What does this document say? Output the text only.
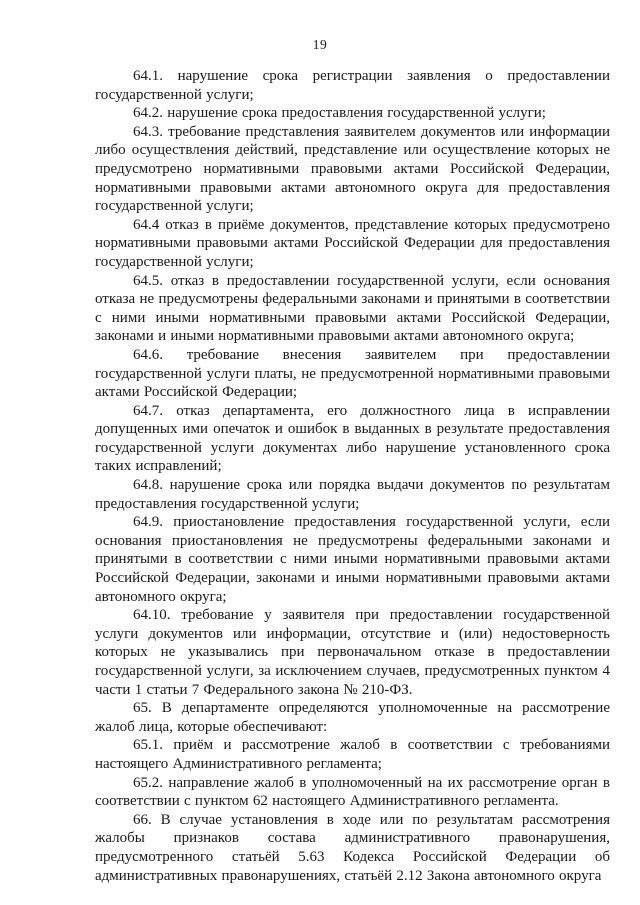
19

64.1. нарушение срока регистрации заявления о предоставлении государственной услуги;

64.2. нарушение срока предоставления государственной услуги;

64.3. требование представления заявителем документов или информации либо осуществления действий, представление или осуществление которых не предусмотрено нормативными правовыми актами Российской Федерации, нормативными правовыми актами автономного округа для предоставления государственной услуги;

64.4 отказ в приёме документов, представление которых предусмотрено нормативными правовыми актами Российской Федерации для предоставления государственной услуги;

64.5. отказ в предоставлении государственной услуги, если основания отказа не предусмотрены федеральными законами и принятыми в соответствии с ними иными нормативными правовыми актами Российской Федерации, законами и иными нормативными правовыми актами автономного округа;

64.6. требование внесения заявителем при предоставлении государственной услуги платы, не предусмотренной нормативными правовыми актами Российской Федерации;

64.7. отказ департамента, его должностного лица в исправлении допущенных ими опечаток и ошибок в выданных в результате предоставления государственной услуги документах либо нарушение установленного срока таких исправлений;

64.8. нарушение срока или порядка выдачи документов по результатам предоставления государственной услуги;

64.9. приостановление предоставления государственной услуги, если основания приостановления не предусмотрены федеральными законами и принятыми в соответствии с ними иными нормативными правовыми актами Российской Федерации, законами и иными нормативными правовыми актами автономного округа;

64.10. требование у заявителя при предоставлении государственной услуги документов или информации, отсутствие и (или) недостоверность которых не указывались при первоначальном отказе в предоставлении государственной услуги, за исключением случаев, предусмотренных пунктом 4 части 1 статьи 7 Федерального закона № 210-ФЗ.

65. В департаменте определяются уполномоченные на рассмотрение жалоб лица, которые обеспечивают:

65.1. приём и рассмотрение жалоб в соответствии с требованиями настоящего Административного регламента;

65.2. направление жалоб в уполномоченный на их рассмотрение орган в соответствии с пунктом 62 настоящего Административного регламента.

66. В случае установления в ходе или по результатам рассмотрения жалобы признаков состава административного правонарушения, предусмотренного статьёй 5.63 Кодекса Российской Федерации об административных правонарушениях, статьёй 2.12 Закона автономного округа
